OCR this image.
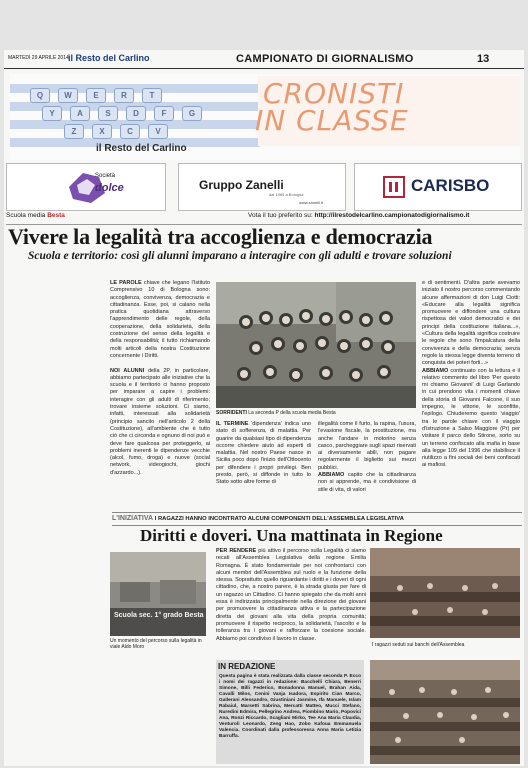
MARTEDÌ 29 APRILE 2014 il Resto del Carlino	CAMPIONATO DI GIORNALISMO	13
Q	W	E	R	T
Y	A	S	D	F	G
Z	X	C	V
CRONISTI
IN CLASSE
il Resto del Carlino
Società
dolce	Gruppo Zanelli
dal 1965 a Bologna
www.zanelli.it
CARISBO
Scuola media Besta	Vota il tuo preferito su: http://ilrestodelcarlino.campionatodigiornalismo.it
Vivere la legalità tra accoglienza e democrazia
Scuola e territorio: così gli alunni imparano a interagire con gli adulti e trovare soluzioni
LE PAROLE chiave che legano l'Istituto Comprensivo 10 di Bologna sono: accoglienza, convivenza, democrazia e cittadinanza. Esse, poi, si calano nella pratica quotidiana attraverso l'apprendimento delle regole, della cooperazione, della solidarietà, della costruzione del senso della legalità e della responsabilità; il tutto richiamando molti articoli della nostra Costituzione concernente i Diritti.

NOI ALUNNI della 2P, in particolare, abbiamo partecipato alle iniziative che la scuola e il territorio ci hanno proposto per imparare a capire i problemi: interagire con gli adulti di riferimento; trovare insieme soluzioni. Ci siamo, infatti, interessati alla solidarietà (principio sancito nell'articolo 2 della Costituzione), all'ambiente che è tutto ciò che ci circonda e ognuno di noi può e deve fare qualcosa per proteggerlo, ai problemi inerenti le dipendenze vecchie (alcol, fumo, droga) e nuove (social network, videogiochi, giochi d'azzardo...).
SORRIDENTI La seconda P della scuola media Besta
IL TERMINE 'dipendenza' indica uno stato di sofferenza, di malattia. Per guarire da qualsiasi tipo di dipendenza occorre chiedere aiuto ad esperti di malattia. Nel nostro Paese nasce in Sicilia poco dopo l'inizio dell'Ottocento per difendere i propri privilegi. Ben presto, però, si diffonde in tutto lo Stato sotto altre forme di
illegalità come il furto, la rapina, l'usura, l'evasione fiscale, la prostituzione, ma anche l'andare in motorino senza casco, parcheggiare sugli spazi riservati ai diversamente abili, non pagare regolarmente il biglietto sui mezzi pubblici.
ABBIAMO capito che la cittadinanza non si apprende, ma è condivisione di stile di vita, di valori
e di sentimenti. D'altra parte avevamo iniziato il nostro percorso commentando alcune affermazioni di don Luigi Ciotti: «Educare alla legalità significa promuovere e diffondere una cultura rispettosa dei valori democratici e dei principi della costituzione italiana...», «Cultura della legalità significa costruire le regole che sono l'impalcatura della convivenza e della democrazia; senza regole la stessa legge diventa terreno di conquista dei poteri forti...»
ABBIAMO continuato con la lettura e il relativo commento del libro 'Per questo mi chiamo Giovanni' di Luigi Garlando in cui prendono vita i momenti chiave della storia di Giovanni Falcone, il suo impegno, le vittorie, le sconfitte, l'epilogo. Chiuderemo questo 'viaggio' tra le parole chiave con il viaggio d'istruzione a Salso Maggiore (Pr) per visitare il parco dello Stirone, sorto su un terreno confiscato alla mafia in base alla legge 109 del 1996 che stabilisce il riutilizzo a fini sociali dei beni confiscati ai mafiosi.
L'INIZIATIVA I RAGAZZI HANNO INCONTRATO ALCUNI COMPONENTI DELL'ASSEMBLEA LEGISLATIVA
Diritti e doveri. Una mattinata in Regione
Scuola sec. 1° grado Besta
Un momento del percorso sulla legalità in viale Aldo Moro
PER RENDERE più attivo il percorso sulla Legalità ci siamo recati all'Assemblea Legislativa della regione Emilia Romagna. È stato fondamentale per noi confrontarci con alcuni membri dell'Assemblea sul ruolo e la funzione della stessa. Soprattutto quello riguardante i diritti e i doveri di ogni cittadino, che, a nostro parere, è la strada giusta per fare di un ragazzo un Cittadino. Ci hanno spiegato che da molti anni essa è indirizzata principalmente nella direzione dei giovani per promuovere la cittadinanza attiva e la partecipazione diretta dei giovani alla vita della propria comunità; promuovere il rispetto reciproco, la solidarietà, l'ascolto e la tolleranza tra i giovani e rafforzare la coesione sociale. Abbiamo poi condiviso il lavoro in classe.
I ragazzi seduti sui banchi dell'Assemblea
IN REDAZIONE
Questa pagina è stata realizzata dalla classe seconda P. Ecco i nomi dei ragazzi in redazione: Bacchelli Chiara, Benerri Simone, Billi Federico, Bonadonna Manuel, Brahan Aida, Cavalli Milos, Cenini Vanja Isadora, Espirito Cian Marco, Gallerani Alessandro, Giustiniani Jasmine, Ifa Manuele, Islam Rabaiul, Marsetti Sabrina, Mercatti Matteo, Mucci Stefano, Nuredini Edmira, Pellegrino Andrea, Piombino Mario, Popovici Ana, Ronzi Riccardo, Scagliani Mirko, Tee Ana Maria Claudia, Venturoli Leonardo, Zeng Hao, Zobo Kafoua Emmanuela Valencia. Coordinati dalla professoressa Anna Maria Letizia Barruffa.
